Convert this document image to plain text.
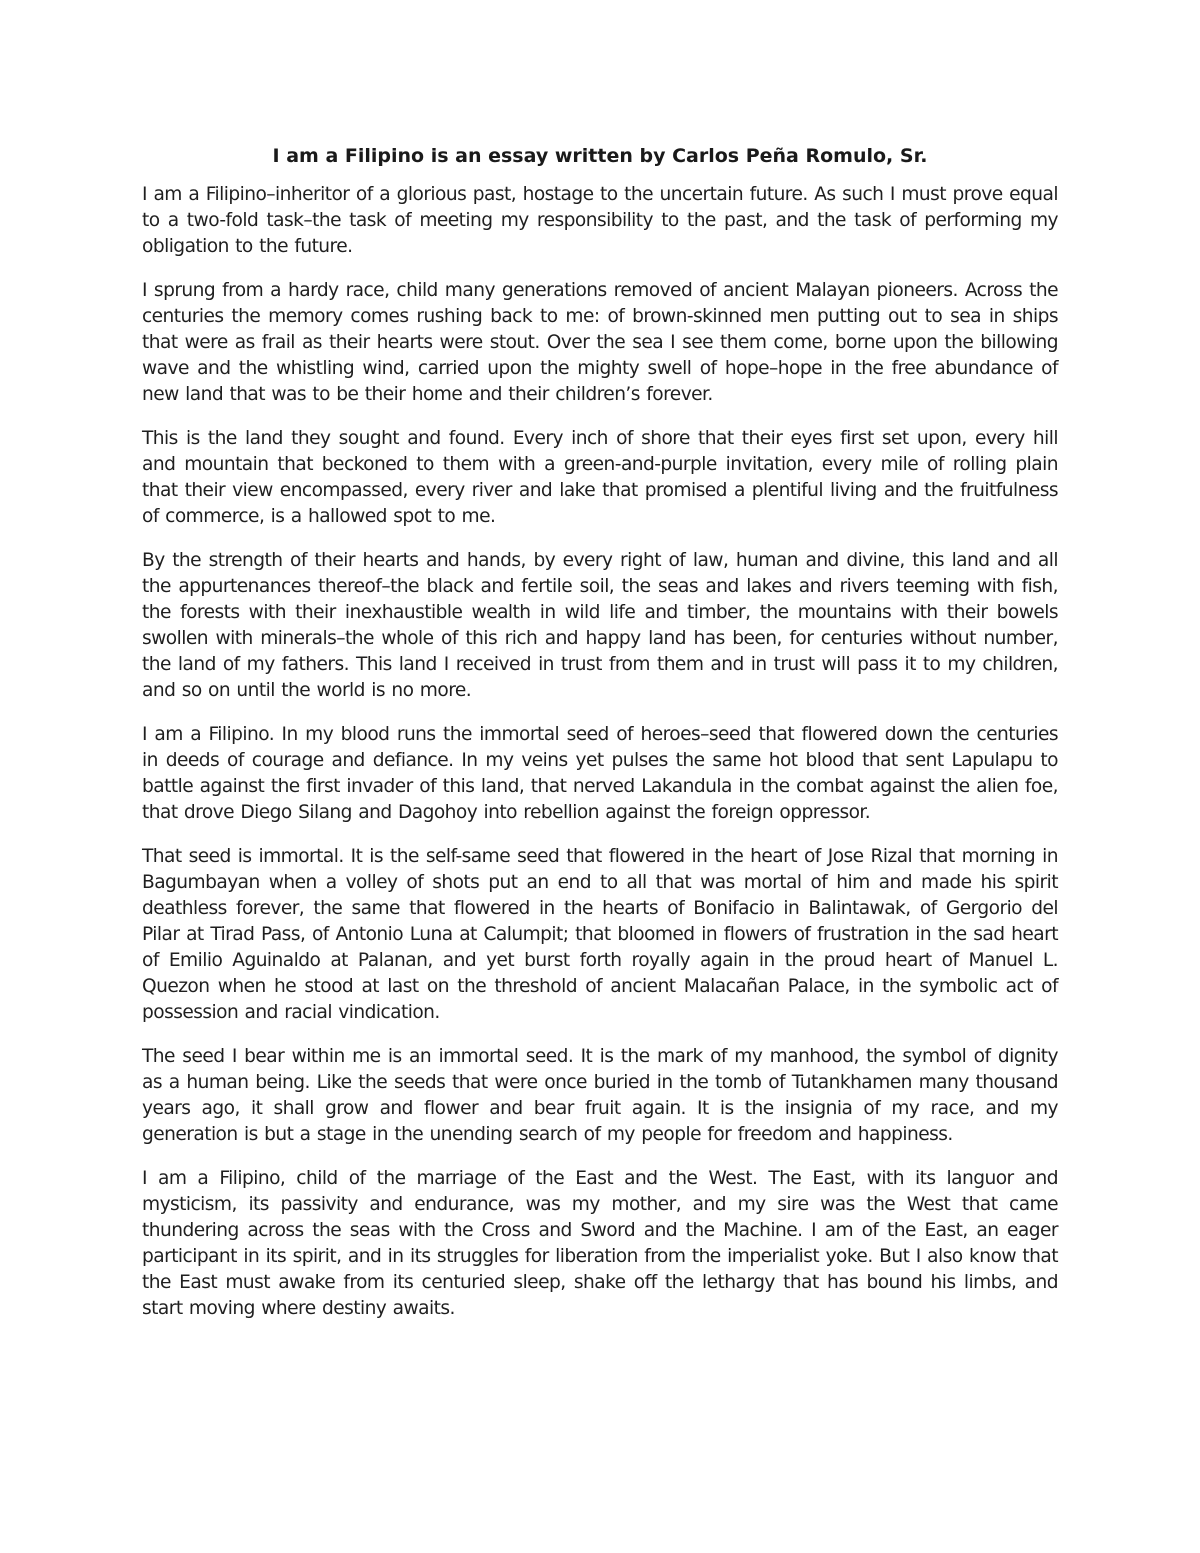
I am a Filipino is an essay written by Carlos Peña Romulo, Sr.

I am a Filipino–inheritor of a glorious past, hostage to the uncertain future. As such I must prove equal to a two-fold task–the task of meeting my responsibility to the past, and the task of performing my obligation to the future.

I sprung from a hardy race, child many generations removed of ancient Malayan pioneers. Across the centuries the memory comes rushing back to me: of brown-skinned men putting out to sea in ships that were as frail as their hearts were stout. Over the sea I see them come, borne upon the billowing wave and the whistling wind, carried upon the mighty swell of hope–hope in the free abundance of new land that was to be their home and their children’s forever.

This is the land they sought and found. Every inch of shore that their eyes first set upon, every hill and mountain that beckoned to them with a green-and-purple invitation, every mile of rolling plain that their view encompassed, every river and lake that promised a plentiful living and the fruitfulness of commerce, is a hallowed spot to me.

By the strength of their hearts and hands, by every right of law, human and divine, this land and all the appurtenances thereof–the black and fertile soil, the seas and lakes and rivers teeming with fish, the forests with their inexhaustible wealth in wild life and timber, the mountains with their bowels swollen with minerals–the whole of this rich and happy land has been, for centuries without number, the land of my fathers. This land I received in trust from them and in trust will pass it to my children, and so on until the world is no more.

I am a Filipino. In my blood runs the immortal seed of heroes–seed that flowered down the centuries in deeds of courage and defiance. In my veins yet pulses the same hot blood that sent Lapulapu to battle against the first invader of this land, that nerved Lakandula in the combat against the alien foe, that drove Diego Silang and Dagohoy into rebellion against the foreign oppressor.

That seed is immortal. It is the self-same seed that flowered in the heart of Jose Rizal that morning in Bagumbayan when a volley of shots put an end to all that was mortal of him and made his spirit deathless forever, the same that flowered in the hearts of Bonifacio in Balintawak, of Gergorio del Pilar at Tirad Pass, of Antonio Luna at Calumpit; that bloomed in flowers of frustration in the sad heart of Emilio Aguinaldo at Palanan, and yet burst forth royally again in the proud heart of Manuel L. Quezon when he stood at last on the threshold of ancient Malacañan Palace, in the symbolic act of possession and racial vindication.

The seed I bear within me is an immortal seed. It is the mark of my manhood, the symbol of dignity as a human being. Like the seeds that were once buried in the tomb of Tutankhamen many thousand years ago, it shall grow and flower and bear fruit again. It is the insignia of my race, and my generation is but a stage in the unending search of my people for freedom and happiness.

I am a Filipino, child of the marriage of the East and the West. The East, with its languor and mysticism, its passivity and endurance, was my mother, and my sire was the West that came thundering across the seas with the Cross and Sword and the Machine. I am of the East, an eager participant in its spirit, and in its struggles for liberation from the imperialist yoke. But I also know that the East must awake from its centuried sleep, shake off the lethargy that has bound his limbs, and start moving where destiny awaits.
